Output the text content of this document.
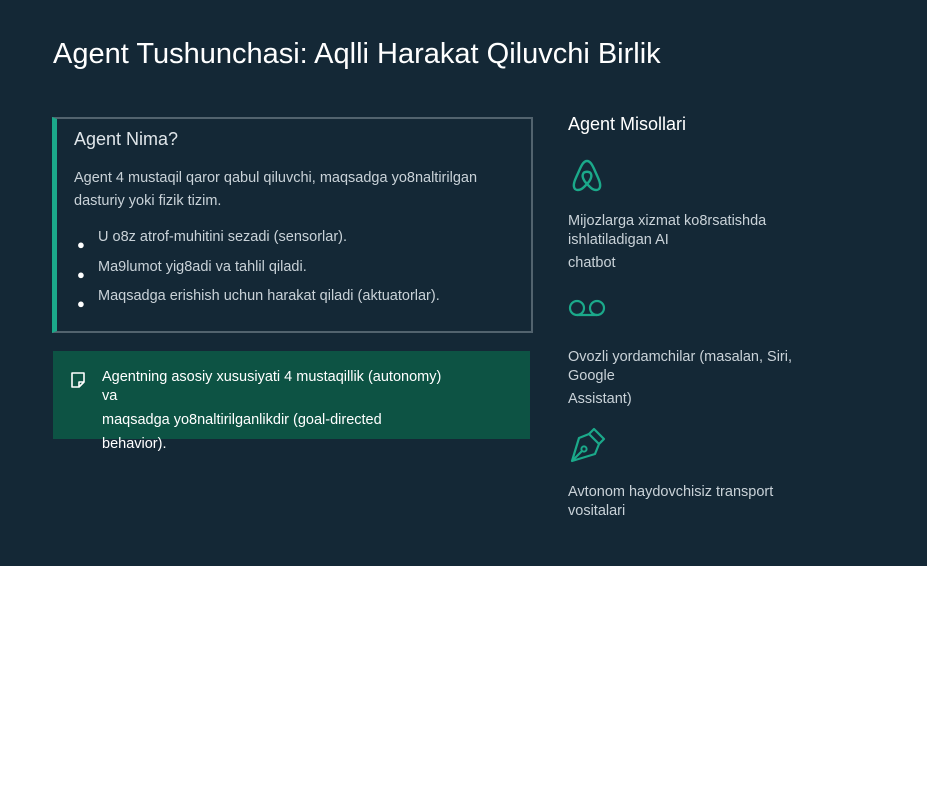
Agent Tushunchasi: Aqlli Harakat Qiluvchi Birlik
Agent Nima?
Agent 4 mustaqil qaror qabul qiluvchi, maqsadga yo8naltirilgan
dasturiy yoki fizik tizim.
● U o8z atrof-muhitini sezadi (sensorlar).
● Ma9lumot yig8adi va tahlil qiladi.
● Maqsadga erishish uchun harakat qiladi (aktuatorlar).
Agentning asosiy xususiyati 4 mustaqillik (autonomy)
va
maqsadga yo8naltirilganlikdir (goal-directed
behavior).
Agent Misollari
Mijozlarga xizmat ko8rsatishda
ishlatiladigan AI
chatbot
Ovozli yordamchilar (masalan, Siri,
Google
Assistant)
Avtonom haydovchisiz transport
vositalari
